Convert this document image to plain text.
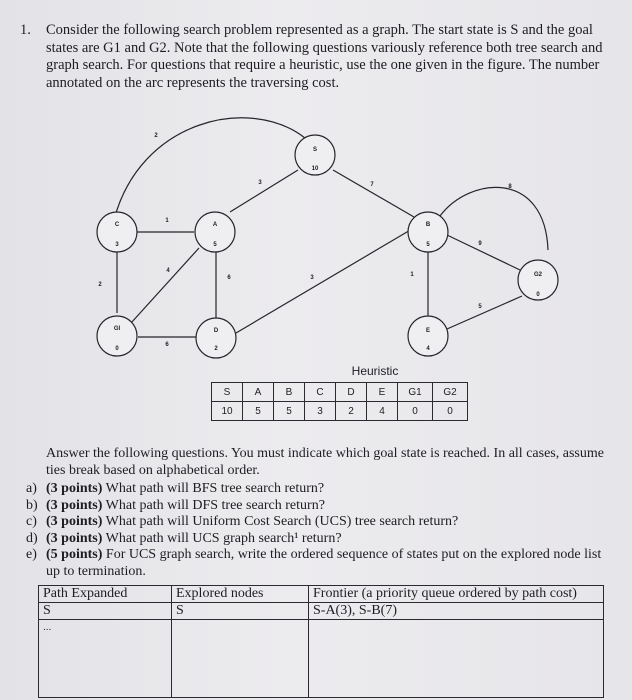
1. Consider the following search problem represented as a graph. The start state is S and the goal states are G1 and G2. Note that the following questions variously reference both tree search and graph search. For questions that require a heuristic, use the one given in the figure. The number annotated on the arc represents the traversing cost.
2
3	7
1
4
6
2
6
3	1
9
8
5
S
10
A
5
B
5
C
3
D
2
E
4
GI
0
G2
0
Heuristic
S	A	B	C	D	E	G1	G2
10	5	5	3	2	4	0	0
Answer the following questions. You must indicate which goal state is reached. In all cases, assume ties break based on alphabetical order.
a) (3 points) What path will BFS tree search return?
b) (3 points) What path will DFS tree search return?
c) (3 points) What path will Uniform Cost Search (UCS) tree search return?
d) (3 points) What path will UCS graph search¹ return?
e) (5 points) For UCS graph search, write the ordered sequence of states put on the explored node list up to termination.
Path Expanded	Explored nodes	Frontier (a priority queue ordered by path cost)
S	S	S-A(3), S-B(7)
...		
